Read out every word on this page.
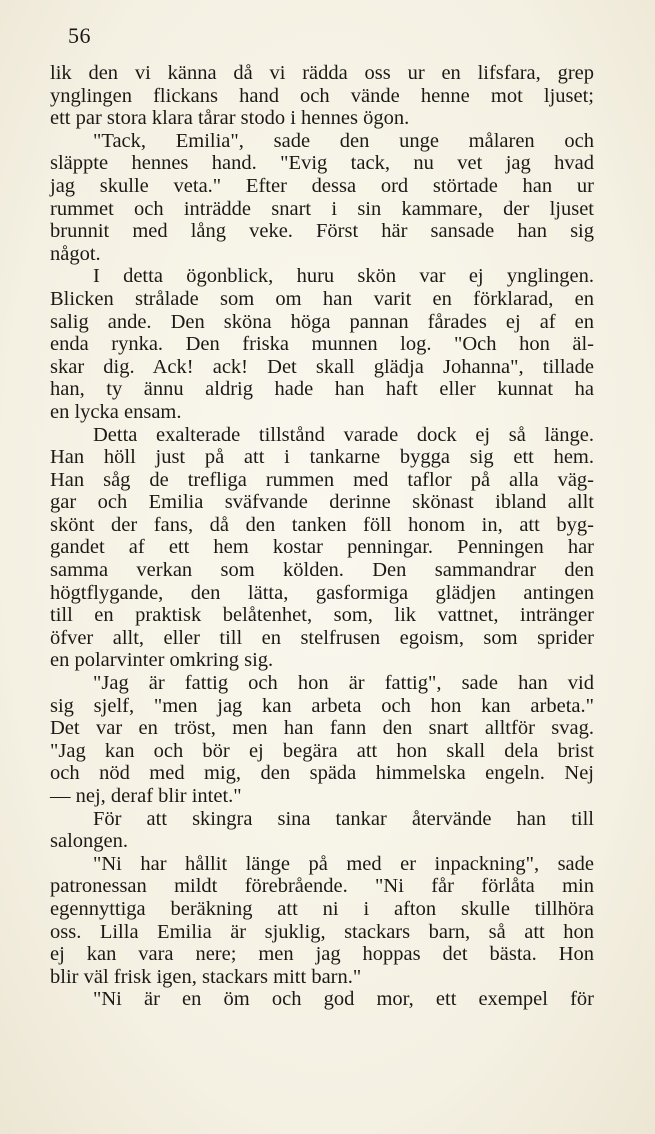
56
lik den vi känna då vi rädda oss ur en lifsfara, grep
ynglingen flickans hand och vände henne mot ljuset;
ett par stora klara tårar stodo i hennes ögon.
"Tack, Emilia", sade den unge målaren och
släppte hennes hand. "Evig tack, nu vet jag hvad
jag skulle veta." Efter dessa ord störtade han ur
rummet och inträdde snart i sin kammare, der ljuset
brunnit med lång veke. Först här sansade han sig
något.
I detta ögonblick, huru skön var ej ynglingen.
Blicken strålade som om han varit en förklarad, en
salig ande. Den sköna höga pannan fårades ej af en
enda rynka. Den friska munnen log. "Och hon äl-
skar dig. Ack! ack! Det skall glädja Johanna", tillade
han, ty ännu aldrig hade han haft eller kunnat ha
en lycka ensam.
Detta exalterade tillstånd varade dock ej så länge.
Han höll just på att i tankarne bygga sig ett hem.
Han såg de trefliga rummen med taflor på alla väg-
gar och Emilia sväfvande derinne skönast ibland allt
skönt der fans, då den tanken föll honom in, att byg-
gandet af ett hem kostar penningar. Penningen har
samma verkan som kölden. Den sammandrar den
högtflygande, den lätta, gasformiga glädjen antingen
till en praktisk belåtenhet, som, lik vattnet, intränger
öfver allt, eller till en stelfrusen egoism, som sprider
en polarvinter omkring sig.
"Jag är fattig och hon är fattig", sade han vid
sig sjelf, "men jag kan arbeta och hon kan arbeta."
Det var en tröst, men han fann den snart alltför svag.
"Jag kan och bör ej begära att hon skall dela brist
och nöd med mig, den späda himmelska engeln. Nej
— nej, deraf blir intet."
För att skingra sina tankar återvände han till
salongen.
"Ni har hållit länge på med er inpackning", sade
patronessan mildt förebrående. "Ni får förlåta min
egennyttiga beräkning att ni i afton skulle tillhöra
oss. Lilla Emilia är sjuklig, stackars barn, så att hon
ej kan vara nere; men jag hoppas det bästa. Hon
blir väl frisk igen, stackars mitt barn."
"Ni är en öm och god mor, ett exempel för
